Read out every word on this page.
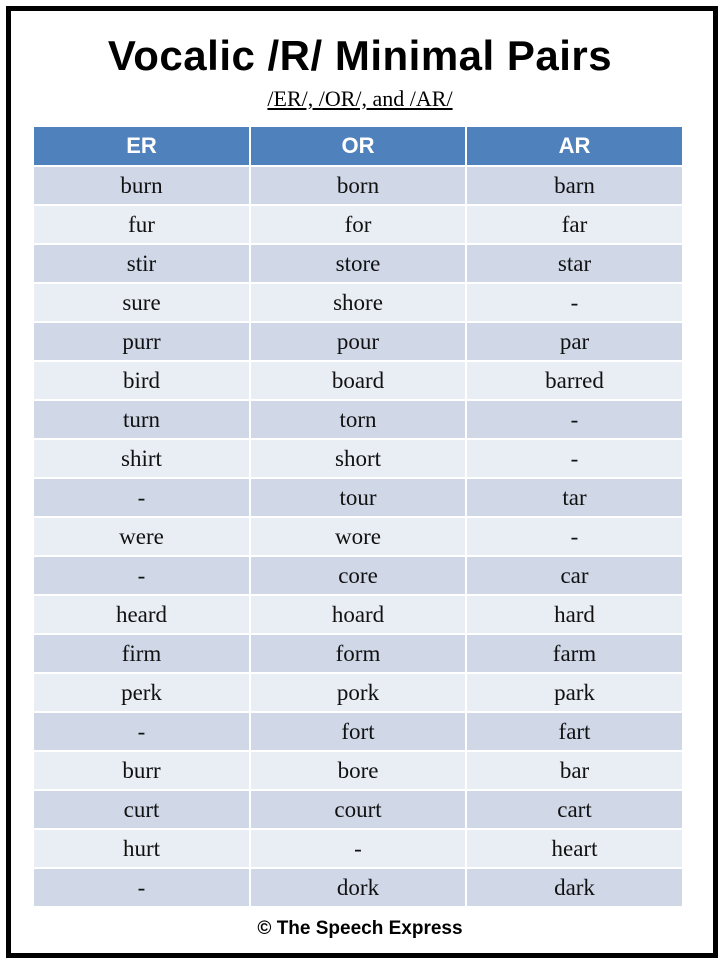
Vocalic /R/ Minimal Pairs
/ER/, /OR/, and /AR/
ER	OR	AR
burn	born	barn
fur	for	far
stir	store	star
sure	shore	-
purr	pour	par
bird	board	barred
turn	torn	-
shirt	short	-
-	tour	tar
were	wore	-
-	core	car
heard	hoard	hard
firm	form	farm
perk	pork	park
-	fort	fart
burr	bore	bar
curt	court	cart
hurt	-	heart
-	dork	dark
© The Speech Express
